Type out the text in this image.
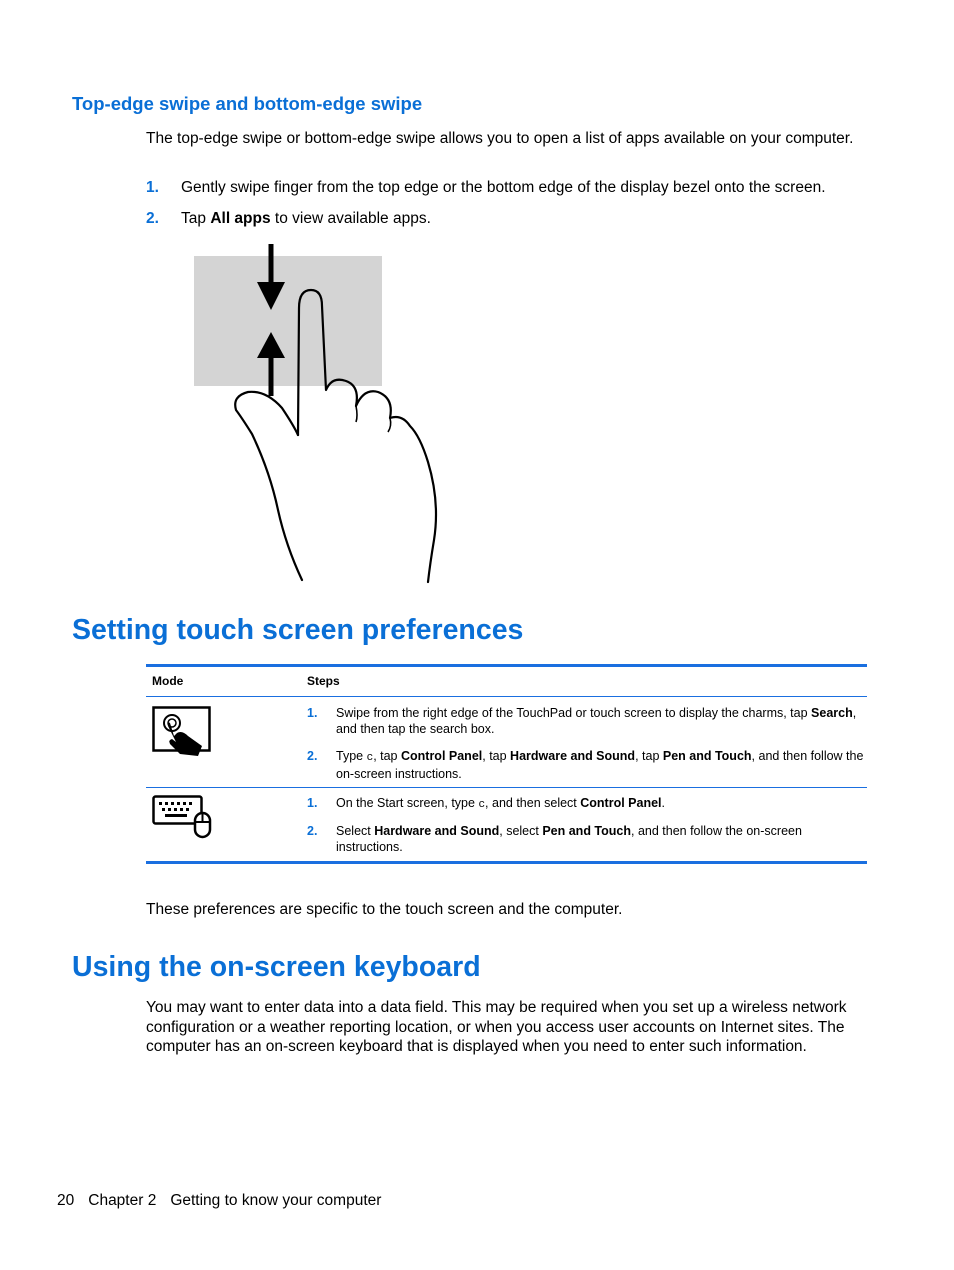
Top-edge swipe and bottom-edge swipe
The top-edge swipe or bottom-edge swipe allows you to open a list of apps available on your computer.
1. Gently swipe finger from the top edge or the bottom edge of the display bezel onto the screen.
2. Tap All apps to view available apps.
Setting touch screen preferences
Mode	Steps
1. Swipe from the right edge of the TouchPad or touch screen to display the charms, tap Search, and then tap the search box.
2. Type c, tap Control Panel, tap Hardware and Sound, tap Pen and Touch, and then follow the on-screen instructions.
1. On the Start screen, type c, and then select Control Panel.
2. Select Hardware and Sound, select Pen and Touch, and then follow the on-screen instructions.
These preferences are specific to the touch screen and the computer.
Using the on-screen keyboard
You may want to enter data into a data field. This may be required when you set up a wireless network configuration or a weather reporting location, or when you access user accounts on Internet sites. The computer has an on-screen keyboard that is displayed when you need to enter such information.
20 Chapter 2 Getting to know your computer
